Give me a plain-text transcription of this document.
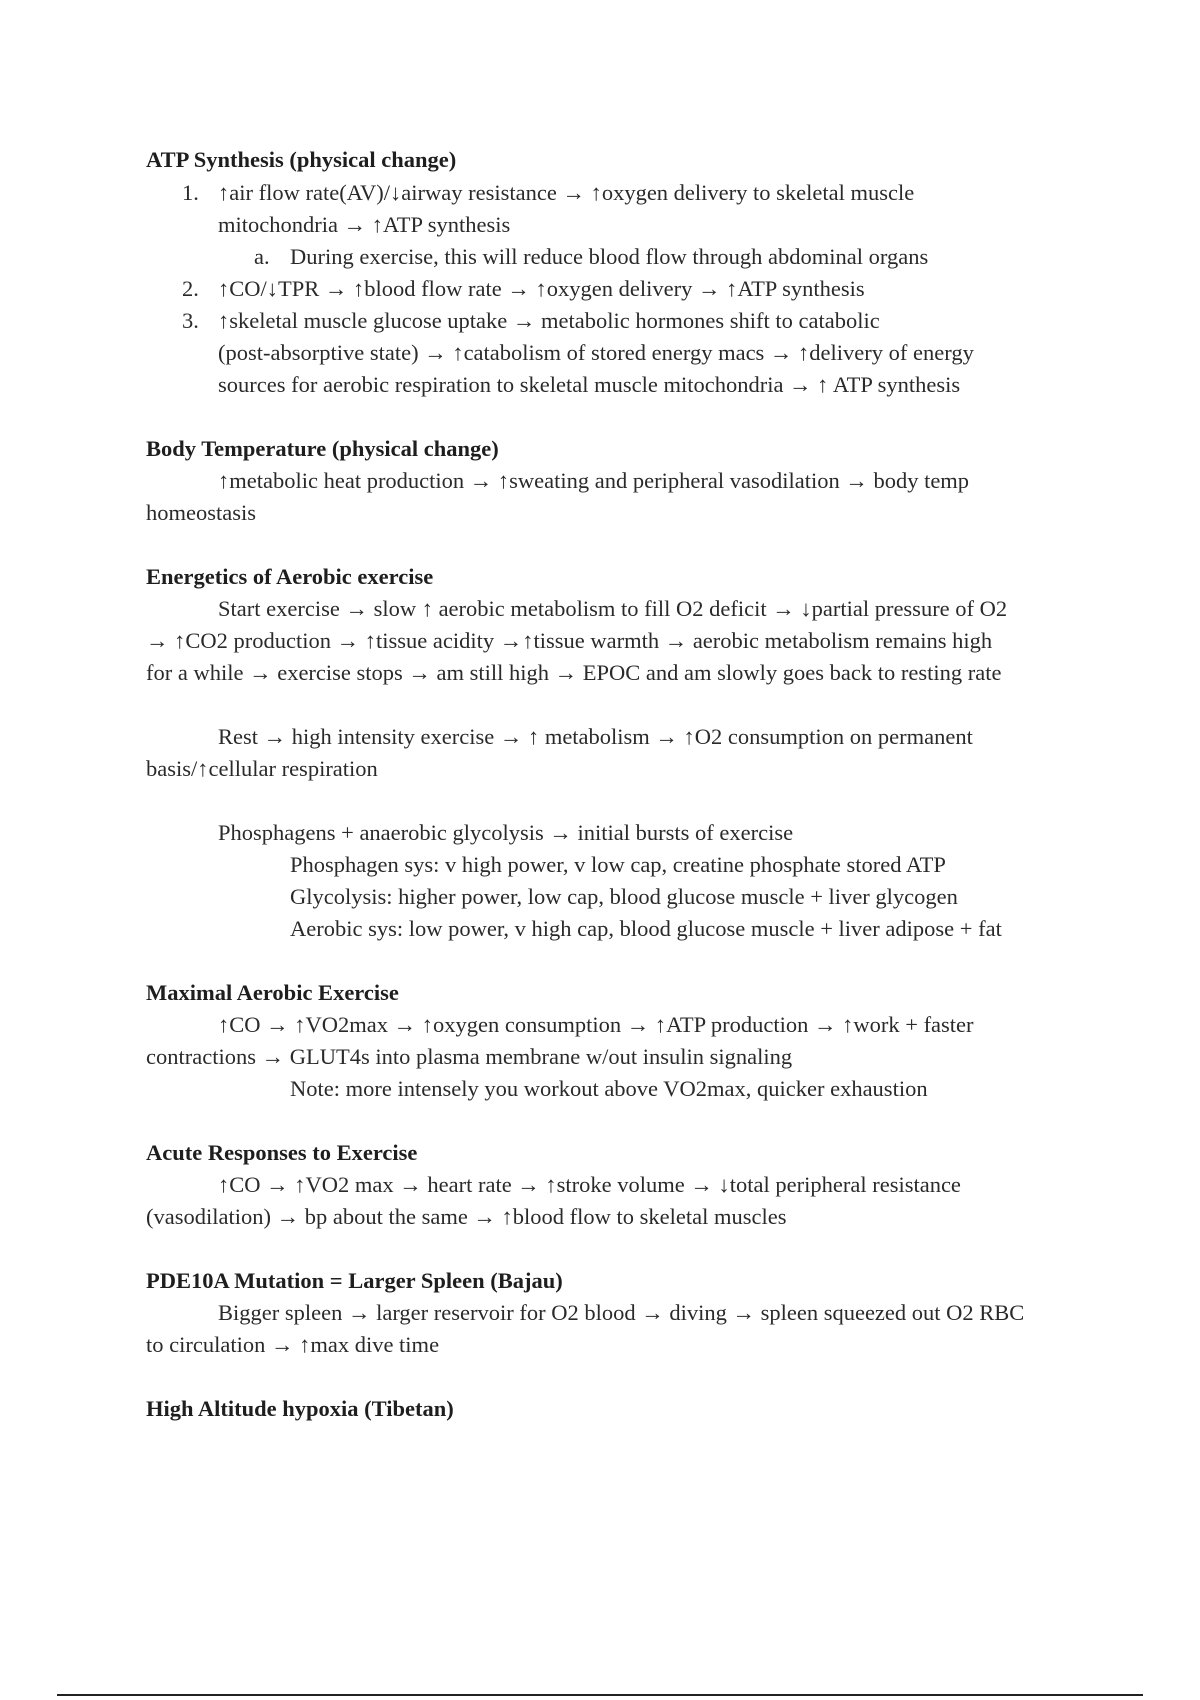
ATP Synthesis (physical change)
1. ↑air flow rate(AV)/↓airway resistance → ↑oxygen delivery to skeletal muscle
mitochondria → ↑ATP synthesis
a. During exercise, this will reduce blood flow through abdominal organs
2. ↑CO/↓TPR → ↑blood flow rate → ↑oxygen delivery → ↑ATP synthesis
3. ↑skeletal muscle glucose uptake → metabolic hormones shift to catabolic
(post-absorptive state) → ↑catabolism of stored energy macs → ↑delivery of energy
sources for aerobic respiration to skeletal muscle mitochondria → ↑ ATP synthesis
Body Temperature (physical change)
↑metabolic heat production → ↑sweating and peripheral vasodilation → body temp
homeostasis
Energetics of Aerobic exercise
Start exercise → slow ↑ aerobic metabolism to fill O2 deficit → ↓partial pressure of O2
→ ↑CO2 production → ↑tissue acidity →↑tissue warmth → aerobic metabolism remains high
for a while → exercise stops → am still high → EPOC and am slowly goes back to resting rate
Rest → high intensity exercise → ↑ metabolism → ↑O2 consumption on permanent
basis/↑cellular respiration
Phosphagens + anaerobic glycolysis → initial bursts of exercise
Phosphagen sys: v high power, v low cap, creatine phosphate stored ATP
Glycolysis: higher power, low cap, blood glucose muscle + liver glycogen
Aerobic sys: low power, v high cap, blood glucose muscle + liver adipose + fat
Maximal Aerobic Exercise
↑CO → ↑VO2max → ↑oxygen consumption → ↑ATP production → ↑work + faster
contractions → GLUT4s into plasma membrane w/out insulin signaling
Note: more intensely you workout above VO2max, quicker exhaustion
Acute Responses to Exercise
↑CO → ↑VO2 max → heart rate → ↑stroke volume → ↓total peripheral resistance
(vasodilation) → bp about the same → ↑blood flow to skeletal muscles
PDE10A Mutation = Larger Spleen (Bajau)
Bigger spleen → larger reservoir for O2 blood → diving → spleen squeezed out O2 RBC
to circulation → ↑max dive time
High Altitude hypoxia (Tibetan)
